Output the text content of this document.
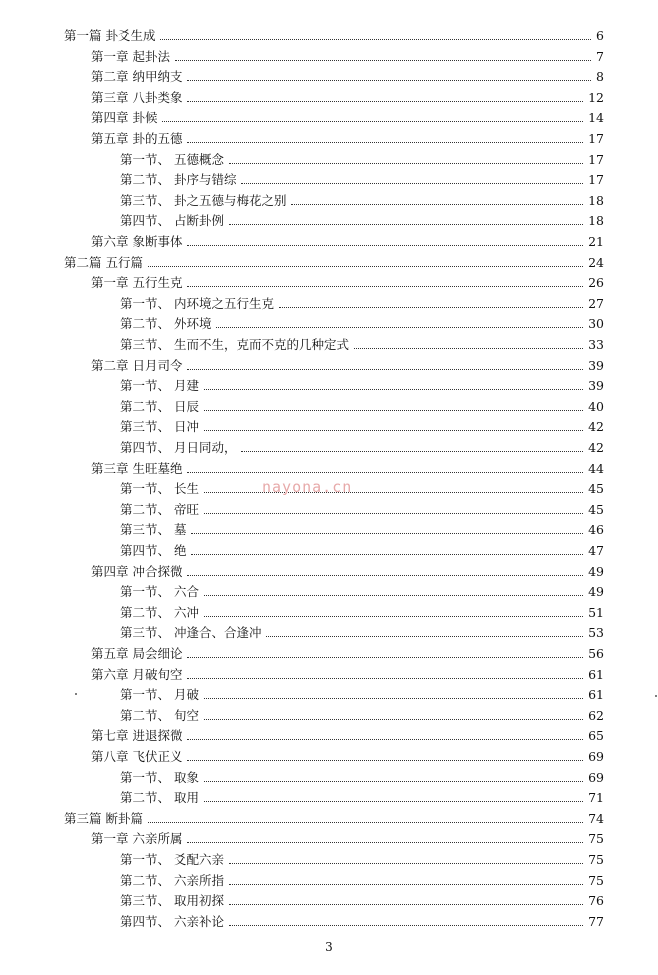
第一篇 卦爻生成	6
第一章 起卦法	7
第二章 纳甲纳支	8
第三章 八卦类象	12
第四章 卦候	14
第五章 卦的五德	17
第一节、 五德概念	17
第二节、 卦序与错综	17
第三节、 卦之五德与梅花之别	18
第四节、 占断卦例	18
第六章 象断事体	21
第二篇 五行篇	24
第一章 五行生克	26
第一节、 内环境之五行生克	27
第二节、 外环境	30
第三节、 生而不生，克而不克的几种定式	33
第二章 日月司令	39
第一节、 月建	39
第二节、 日辰	40
第三节、 日冲	42
第四节、 月日同动，	42
第三章 生旺墓绝	44
第一节、 长生	45
第二节、 帝旺	45
第三节、 墓	46
第四节、 绝	47
第四章 冲合探微	49
第一节、 六合	49
第二节、 六冲	51
第三节、 冲逢合、合逢冲	53
第五章 局会细论	56
第六章 月破旬空	61
第一节、 月破	61
第二节、 旬空	62
第七章 进退探微	65
第八章 飞伏正义	69
第一节、 取象	69
第二节、 取用	71
第三篇 断卦篇	74
第一章 六亲所属	75
第一节、 爻配六亲	75
第二节、 六亲所指	75
第三节、 取用初探	76
第四节、 六亲补论	77
nayona.cn
3
